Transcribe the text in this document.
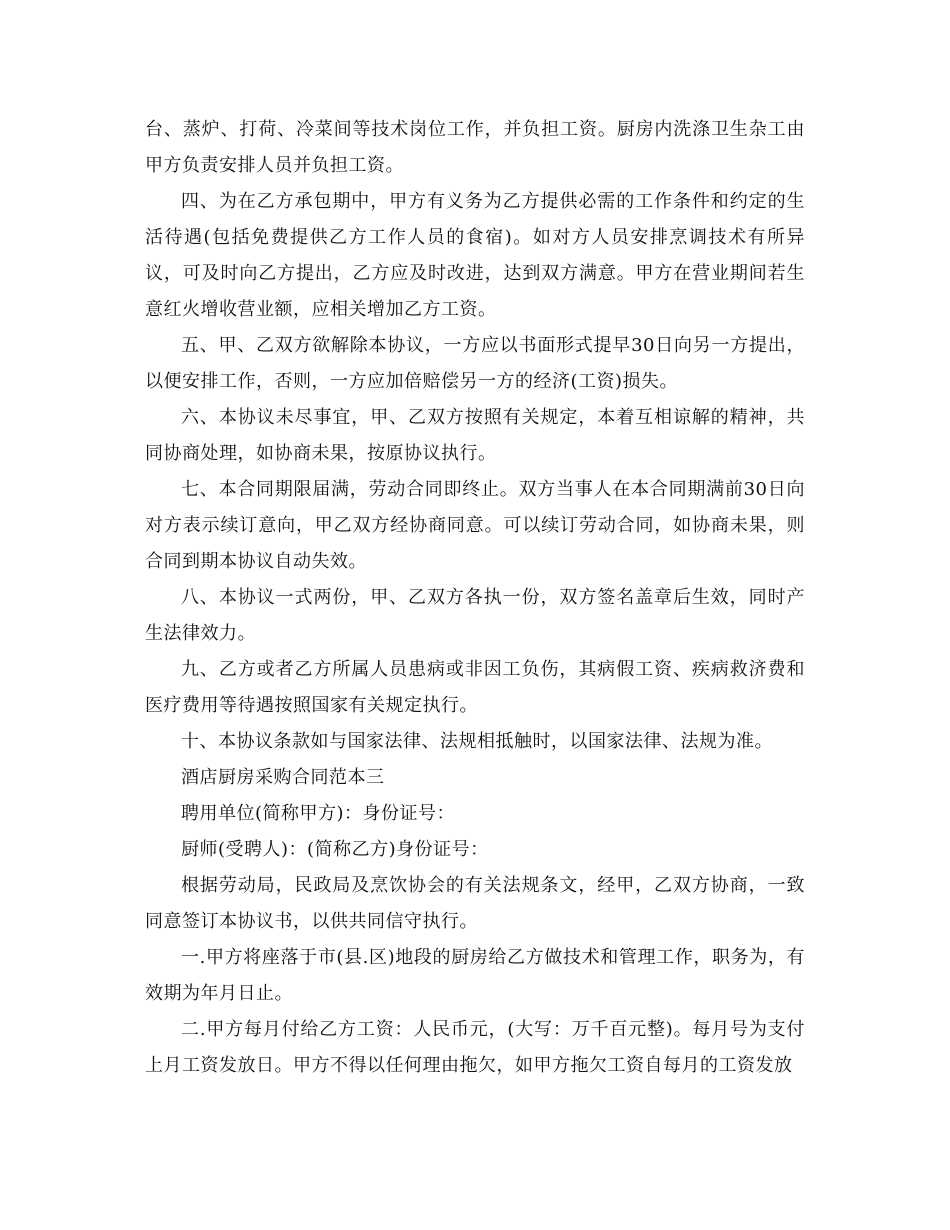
台、蒸炉、打荷、冷菜间等技术岗位工作，并负担工资。厨房内洗涤卫生杂工由甲方负责安排人员并负担工资。

四、为在乙方承包期中，甲方有义务为乙方提供必需的工作条件和约定的生活待遇(包括免费提供乙方工作人员的食宿)。如对方人员安排烹调技术有所异议，可及时向乙方提出，乙方应及时改进，达到双方满意。甲方在营业期间若生意红火增收营业额，应相关增加乙方工资。

五、甲、乙双方欲解除本协议，一方应以书面形式提早30日向另一方提出，以便安排工作，否则，一方应加倍赔偿另一方的经济(工资)损失。

六、本协议未尽事宜，甲、乙双方按照有关规定，本着互相谅解的精神，共同协商处理，如协商未果，按原协议执行。

七、本合同期限届满，劳动合同即终止。双方当事人在本合同期满前30日向对方表示续订意向，甲乙双方经协商同意。可以续订劳动合同，如协商未果，则合同到期本协议自动失效。

八、本协议一式两份，甲、乙双方各执一份，双方签名盖章后生效，同时产生法律效力。

九、乙方或者乙方所属人员患病或非因工负伤，其病假工资、疾病救济费和医疗费用等待遇按照国家有关规定执行。

十、本协议条款如与国家法律、法规相抵触时，以国家法律、法规为准。

酒店厨房采购合同范本三

聘用单位(简称甲方)：身份证号：

厨师(受聘人)：(简称乙方)身份证号：

根据劳动局，民政局及烹饮协会的有关法规条文，经甲，乙双方协商，一致同意签订本协议书，以供共同信守执行。

一.甲方将座落于市(县.区)地段的厨房给乙方做技术和管理工作，职务为，有效期为年月日止。

二.甲方每月付给乙方工资：人民币元，(大写：万千百元整)。每月号为支付上月工资发放日。甲方不得以任何理由拖欠，如甲方拖欠工资自每月的工资发放
